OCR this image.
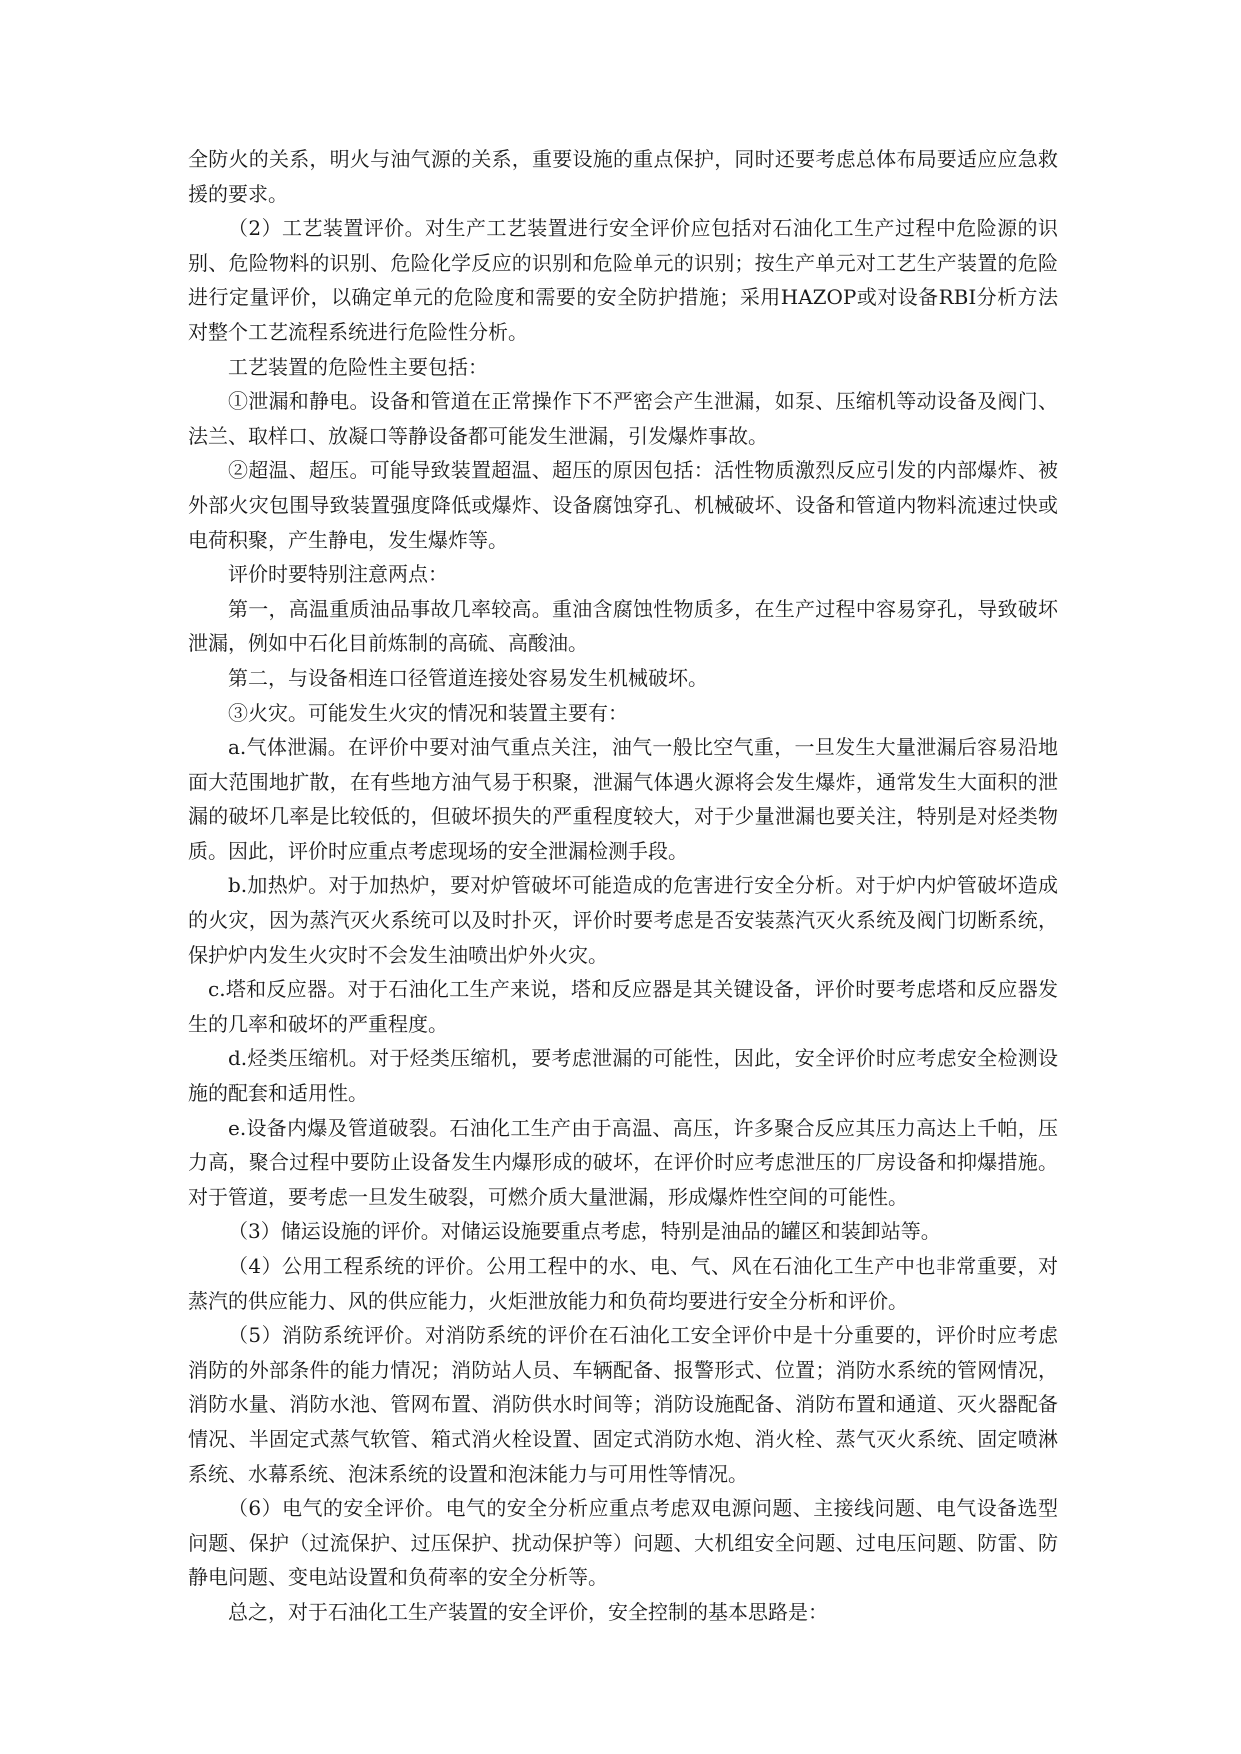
全防火的关系，明火与油气源的关系，重要设施的重点保护，同时还要考虑总体布局要适应应急救援的要求。

（2）工艺装置评价。对生产工艺装置进行安全评价应包括对石油化工生产过程中危险源的识别、危险物料的识别、危险化学反应的识别和危险单元的识别；按生产单元对工艺生产装置的危险进行定量评价，以确定单元的危险度和需要的安全防护措施；采用HAZOP或对设备RBI分析方法对整个工艺流程系统进行危险性分析。

工艺装置的危险性主要包括：

①泄漏和静电。设备和管道在正常操作下不严密会产生泄漏，如泵、压缩机等动设备及阀门、法兰、取样口、放凝口等静设备都可能发生泄漏，引发爆炸事故。

②超温、超压。可能导致装置超温、超压的原因包括：活性物质激烈反应引发的内部爆炸、被外部火灾包围导致装置强度降低或爆炸、设备腐蚀穿孔、机械破坏、设备和管道内物料流速过快或电荷积聚，产生静电，发生爆炸等。

评价时要特别注意两点：

第一，高温重质油品事故几率较高。重油含腐蚀性物质多，在生产过程中容易穿孔，导致破坏泄漏，例如中石化目前炼制的高硫、高酸油。

第二，与设备相连口径管道连接处容易发生机械破坏。

③火灾。可能发生火灾的情况和装置主要有：

a.气体泄漏。在评价中要对油气重点关注，油气一般比空气重，一旦发生大量泄漏后容易沿地面大范围地扩散，在有些地方油气易于积聚，泄漏气体遇火源将会发生爆炸，通常发生大面积的泄漏的破坏几率是比较低的，但破坏损失的严重程度较大，对于少量泄漏也要关注，特别是对烃类物质。因此，评价时应重点考虑现场的安全泄漏检测手段。

b.加热炉。对于加热炉，要对炉管破坏可能造成的危害进行安全分析。对于炉内炉管破坏造成的火灾，因为蒸汽灭火系统可以及时扑灭，评价时要考虑是否安装蒸汽灭火系统及阀门切断系统，保护炉内发生火灾时不会发生油喷出炉外火灾。

c.塔和反应器。对于石油化工生产来说，塔和反应器是其关键设备，评价时要考虑塔和反应器发生的几率和破坏的严重程度。

d.烃类压缩机。对于烃类压缩机，要考虑泄漏的可能性，因此，安全评价时应考虑安全检测设施的配套和适用性。

e.设备内爆及管道破裂。石油化工生产由于高温、高压，许多聚合反应其压力高达上千帕，压力高，聚合过程中要防止设备发生内爆形成的破坏，在评价时应考虑泄压的厂房设备和抑爆措施。对于管道，要考虑一旦发生破裂，可燃介质大量泄漏，形成爆炸性空间的可能性。

（3）储运设施的评价。对储运设施要重点考虑，特别是油品的罐区和装卸站等。

（4）公用工程系统的评价。公用工程中的水、电、气、风在石油化工生产中也非常重要，对蒸汽的供应能力、风的供应能力，火炬泄放能力和负荷均要进行安全分析和评价。

（5）消防系统评价。对消防系统的评价在石油化工安全评价中是十分重要的，评价时应考虑消防的外部条件的能力情况；消防站人员、车辆配备、报警形式、位置；消防水系统的管网情况，消防水量、消防水池、管网布置、消防供水时间等；消防设施配备、消防布置和通道、灭火器配备情况、半固定式蒸气软管、箱式消火栓设置、固定式消防水炮、消火栓、蒸气灭火系统、固定喷淋系统、水幕系统、泡沫系统的设置和泡沫能力与可用性等情况。

（6）电气的安全评价。电气的安全分析应重点考虑双电源问题、主接线问题、电气设备选型问题、保护（过流保护、过压保护、扰动保护等）问题、大机组安全问题、过电压问题、防雷、防静电问题、变电站设置和负荷率的安全分析等。

总之，对于石油化工生产装置的安全评价，安全控制的基本思路是：
